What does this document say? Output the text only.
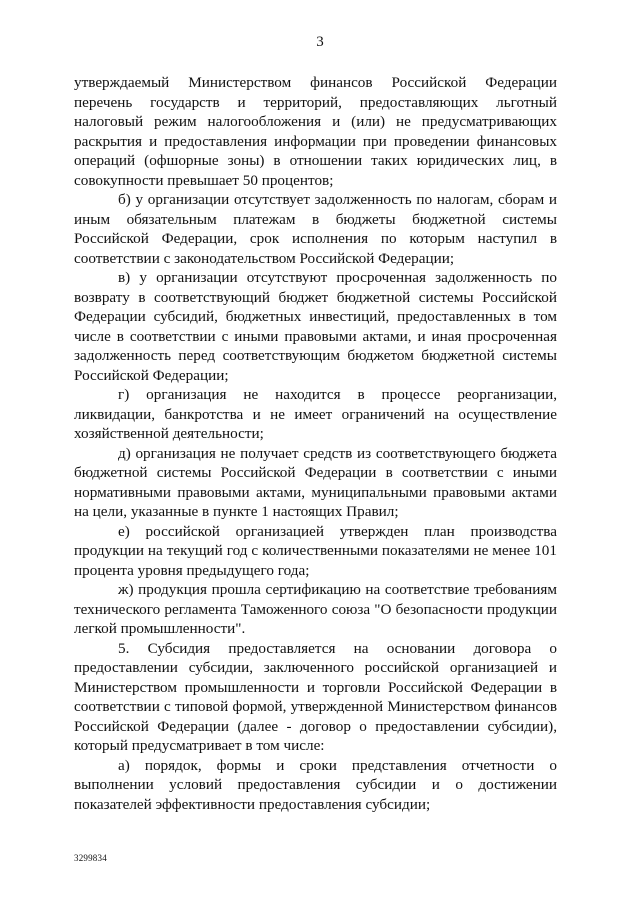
3

утверждаемый Министерством финансов Российской Федерации перечень государств и территорий, предоставляющих льготный налоговый режим налогообложения и (или) не предусматривающих раскрытия и предоставления информации при проведении финансовых операций (офшорные зоны) в отношении таких юридических лиц, в совокупности превышает 50 процентов;

б) у организации отсутствует задолженность по налогам, сборам и иным обязательным платежам в бюджеты бюджетной системы Российской Федерации, срок исполнения по которым наступил в соответствии с законодательством Российской Федерации;

в) у организации отсутствуют просроченная задолженность по возврату в соответствующий бюджет бюджетной системы Российской Федерации субсидий, бюджетных инвестиций, предоставленных в том числе в соответствии с иными правовыми актами, и иная просроченная задолженность перед соответствующим бюджетом бюджетной системы Российской Федерации;

г) организация не находится в процессе реорганизации, ликвидации, банкротства и не имеет ограничений на осуществление хозяйственной деятельности;

д) организация не получает средств из соответствующего бюджета бюджетной системы Российской Федерации в соответствии с иными нормативными правовыми актами, муниципальными правовыми актами на цели, указанные в пункте 1 настоящих Правил;

е) российской организацией утвержден план производства продукции на текущий год с количественными показателями не менее 101 процента уровня предыдущего года;

ж) продукция прошла сертификацию на соответствие требованиям технического регламента Таможенного союза "О безопасности продукции легкой промышленности".

5. Субсидия предоставляется на основании договора о предоставлении субсидии, заключенного российской организацией и Министерством промышленности и торговли Российской Федерации в соответствии с типовой формой, утвержденной Министерством финансов Российской Федерации (далее - договор о предоставлении субсидии), который предусматривает в том числе:

а) порядок, формы и сроки представления отчетности о выполнении условий предоставления субсидии и о достижении показателей эффективности предоставления субсидии;

3299834
